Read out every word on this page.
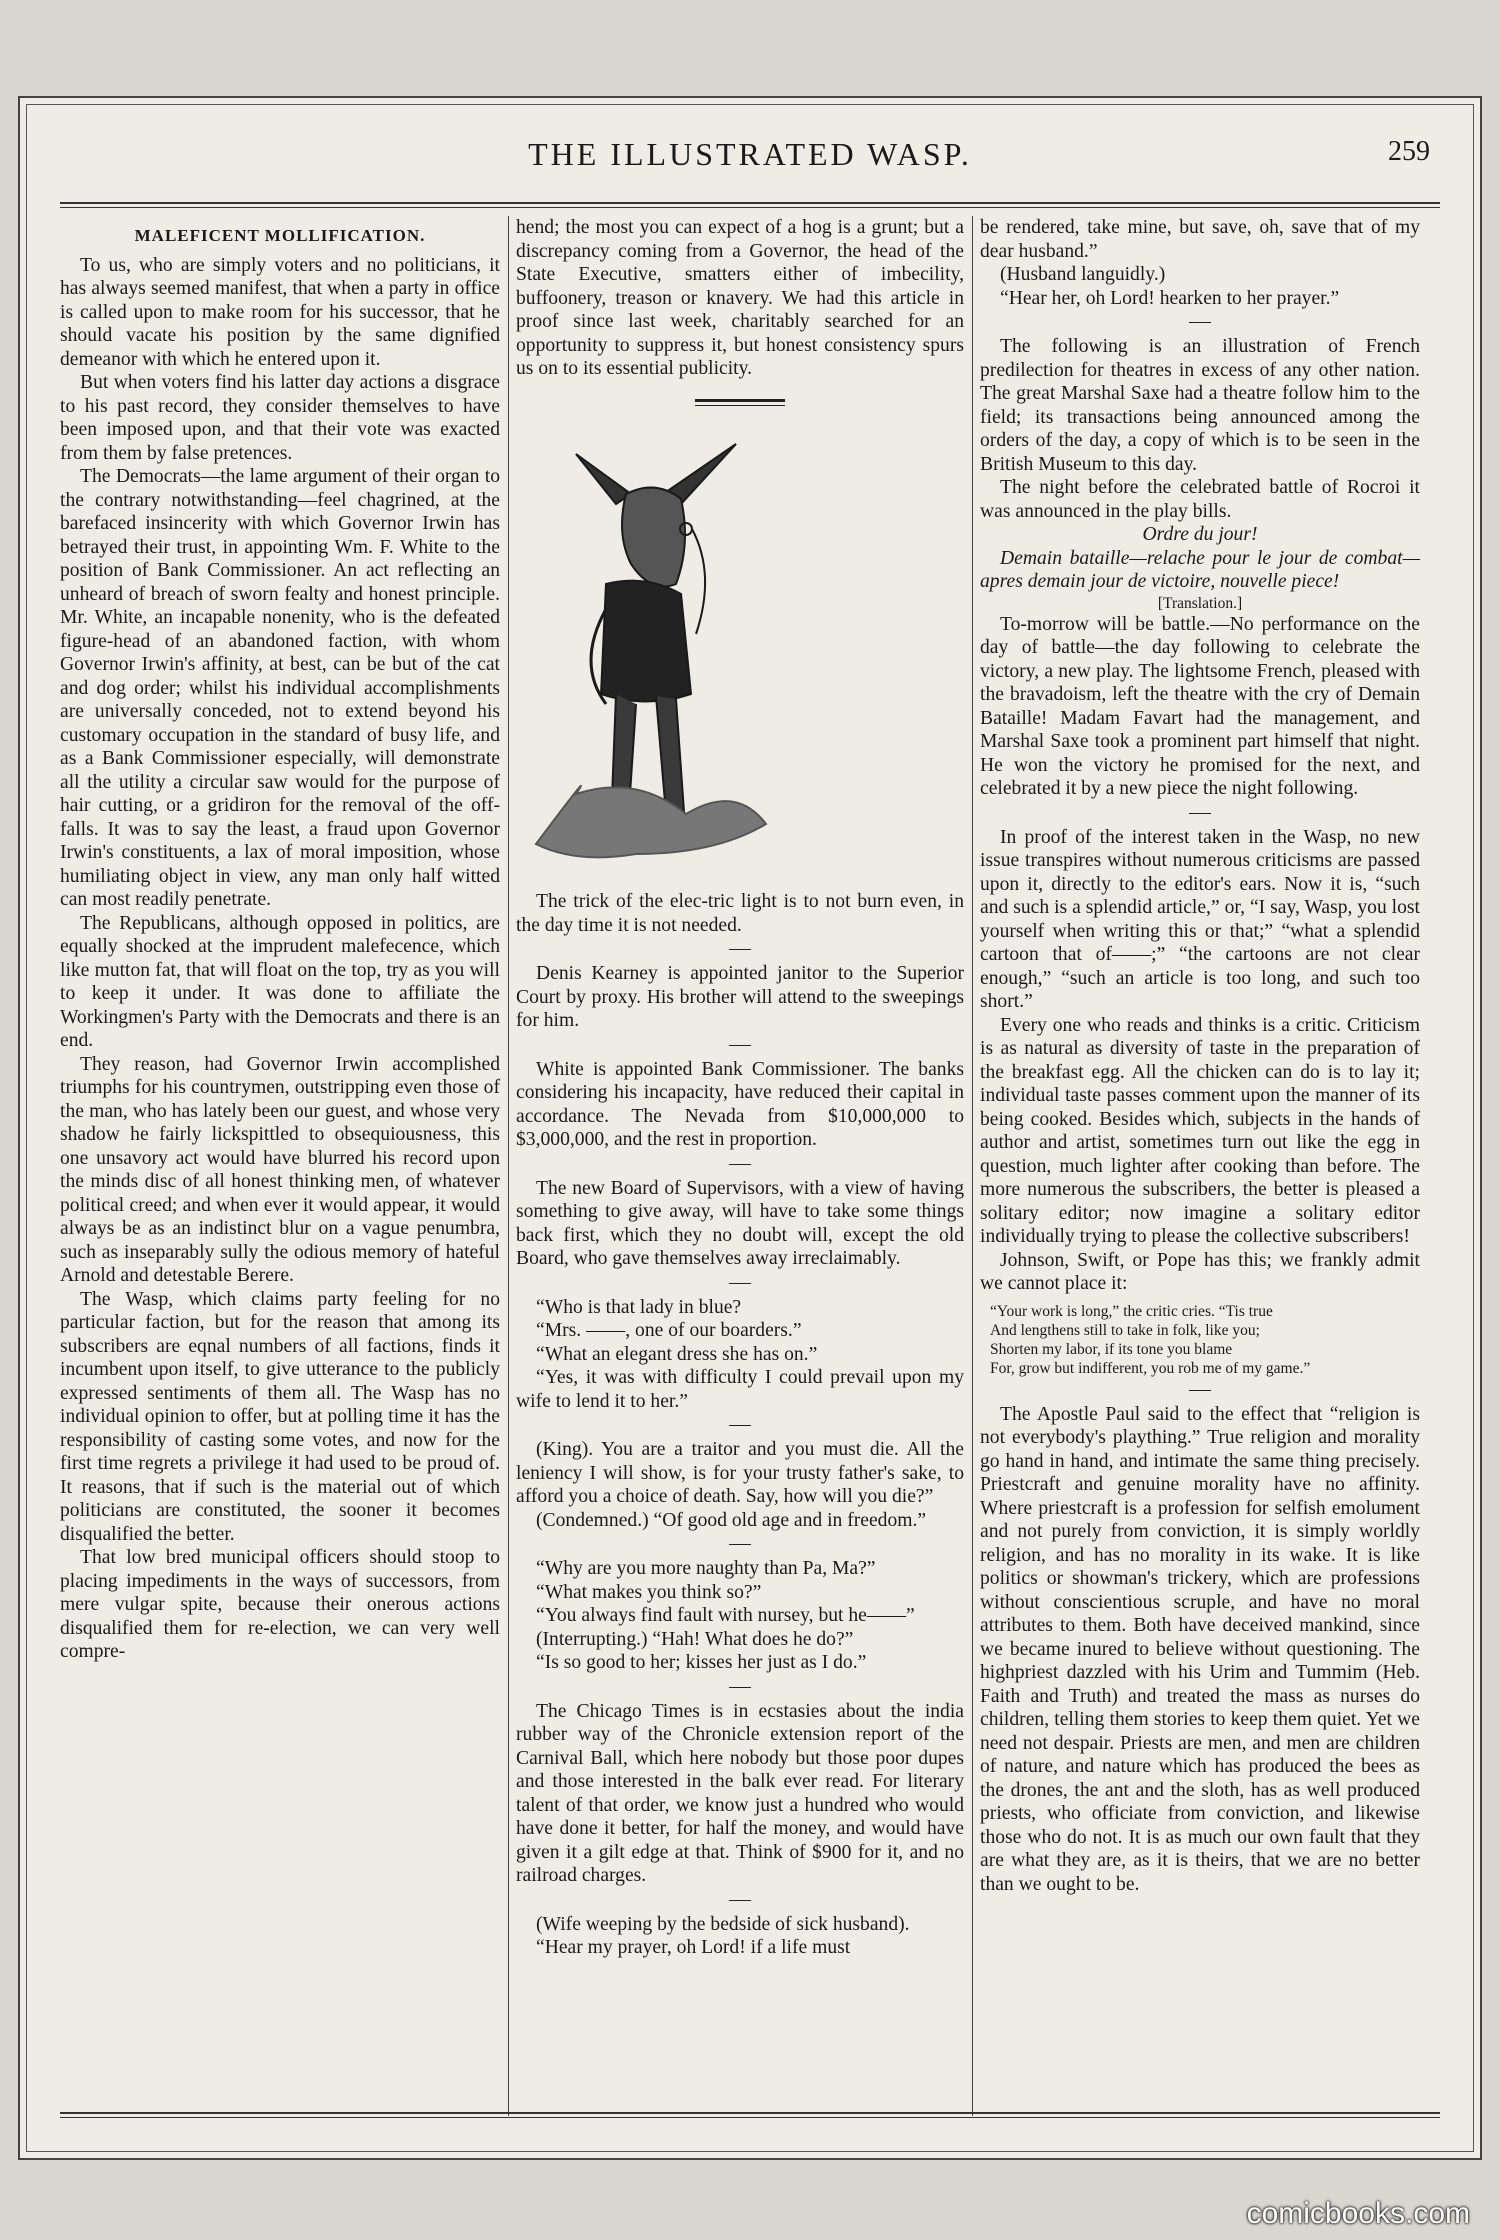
THE ILLUSTRATED WASP.	259
MALEFICENT MOLLIFICATION.

To us, who are simply voters and no politicians, it has always seemed manifest, that when a party in office is called upon to make room for his successor, that he should vacate his position by the same dignified demeanor with which he entered upon it.

But when voters find his latter day actions a disgrace to his past record, they consider themselves to have been imposed upon, and that their vote was exacted from them by false pretences.

The Democrats—the lame argument of their organ to the contrary notwithstanding—feel chagrined, at the barefaced insincerity with which Governor Irwin has betrayed their trust, in appointing Wm. F. White to the position of Bank Commissioner. An act reflecting an unheard of breach of sworn fealty and honest principle. Mr. White, an incapable nonenity, who is the defeated figure-head of an abandoned faction, with whom Governor Irwin's affinity, at best, can be but of the cat and dog order; whilst his individual accomplishments are universally conceded, not to extend beyond his customary occupation in the standard of busy life, and as a Bank Commissioner especially, will demonstrate all the utility a circular saw would for the purpose of hair cutting, or a gridiron for the removal of the off-falls. It was to say the least, a fraud upon Governor Irwin's constituents, a lax of moral imposition, whose humiliating object in view, any man only half witted can most readily penetrate.

The Republicans, although opposed in politics, are equally shocked at the imprudent malefecence, which like mutton fat, that will float on the top, try as you will to keep it under. It was done to affiliate the Workingmen's Party with the Democrats and there is an end.

They reason, had Governor Irwin accomplished triumphs for his countrymen, outstripping even those of the man, who has lately been our guest, and whose very shadow he fairly lickspittled to obsequiousness, this one unsavory act would have blurred his record upon the minds disc of all honest thinking men, of whatever political creed; and when ever it would appear, it would always be as an indistinct blur on a vague penumbra, such as inseparably sully the odious memory of hateful Arnold and detestable Berere.

The Wasp, which claims party feeling for no particular faction, but for the reason that among its subscribers are eqnal numbers of all factions, finds it incumbent upon itself, to give utterance to the publicly expressed sentiments of them all. The Wasp has no individual opinion to offer, but at polling time it has the responsibility of casting some votes, and now for the first time regrets a privilege it had used to be proud of. It reasons, that if such is the material out of which politicians are constituted, the sooner it becomes disqualified the better.

That low bred municipal officers should stoop to placing impediments in the ways of successors, from mere vulgar spite, because their onerous actions disqualified them for re-election, we can very well compre-

hend; the most you can expect of a hog is a grunt; but a discrepancy coming from a Governor, the head of the State Executive, smatters either of imbecility, buffoonery, treason or knavery. We had this article in proof since last week, charitably searched for an opportunity to suppress it, but honest consistency spurs us on to its essential publicity.

The trick of the elec-tric light is to not burn even, in the day time it is not needed.

Denis Kearney is appointed janitor to the Superior Court by proxy. His brother will attend to the sweepings for him.

White is appointed Bank Commissioner. The banks considering his incapacity, have reduced their capital in accordance. The Nevada from $10,000,000 to $3,000,000, and the rest in proportion.

The new Board of Supervisors, with a view of having something to give away, will have to take some things back first, which they no doubt will, except the old Board, who gave themselves away irreclaimably.

“Who is that lady in blue?

“Mrs. ——, one of our boarders.”

“What an elegant dress she has on.”

“Yes, it was with difficulty I could prevail upon my wife to lend it to her.”

(King). You are a traitor and you must die. All the leniency I will show, is for your trusty father's sake, to afford you a choice of death. Say, how will you die?”

(Condemned.) “Of good old age and in freedom.”

“Why are you more naughty than Pa, Ma?”

“What makes you think so?”

“You always find fault with nursey, but he——”

(Interrupting.) “Hah! What does he do?”

“Is so good to her; kisses her just as I do.”

The Chicago Times is in ecstasies about the india rubber way of the Chronicle extension report of the Carnival Ball, which here nobody but those poor dupes and those interested in the balk ever read. For literary talent of that order, we know just a hundred who would have done it better, for half the money, and would have given it a gilt edge at that. Think of $900 for it, and no railroad charges.

(Wife weeping by the bedside of sick husband).

“Hear my prayer, oh Lord! if a life must

be rendered, take mine, but save, oh, save that of my dear husband.”

(Husband languidly.)

“Hear her, oh Lord! hearken to her prayer.”

The following is an illustration of French predilection for theatres in excess of any other nation. The great Marshal Saxe had a theatre follow him to the field; its transactions being announced among the orders of the day, a copy of which is to be seen in the British Museum to this day.

The night before the celebrated battle of Rocroi it was announced in the play bills.

Ordre du jour!

Demain bataille—relache pour le jour de combat—apres demain jour de victoire, nouvelle piece!

[Translation.]

To-morrow will be battle.—No performance on the day of battle—the day following to celebrate the victory, a new play. The lightsome French, pleased with the bravadoism, left the theatre with the cry of Demain Bataille! Madam Favart had the management, and Marshal Saxe took a prominent part himself that night. He won the victory he promised for the next, and celebrated it by a new piece the night following.

In proof of the interest taken in the Wasp, no new issue transpires without numerous criticisms are passed upon it, directly to the editor's ears. Now it is, “such and such is a splendid article,” or, “I say, Wasp, you lost yourself when writing this or that;” “what a splendid cartoon that of——;” “the cartoons are not clear enough,” “such an article is too long, and such too short.”

Every one who reads and thinks is a critic. Criticism is as natural as diversity of taste in the preparation of the breakfast egg. All the chicken can do is to lay it; individual taste passes comment upon the manner of its being cooked. Besides which, subjects in the hands of author and artist, sometimes turn out like the egg in question, much lighter after cooking than before. The more numerous the subscribers, the better is pleased a solitary editor; now imagine a solitary editor individually trying to please the collective subscribers!

Johnson, Swift, or Pope has this; we frankly admit we cannot place it:

“Your work is long,” the critic cries. “Tis true
And lengthens still to take in folk, like you;
Shorten my labor, if its tone you blame
For, grow but indifferent, you rob me of my game.”

The Apostle Paul said to the effect that “religion is not everybody's plaything.” True religion and morality go hand in hand, and intimate the same thing precisely. Priestcraft and genuine morality have no affinity. Where priestcraft is a profession for selfish emolument and not purely from conviction, it is simply worldly religion, and has no morality in its wake. It is like politics or showman's trickery, which are professions without conscientious scruple, and have no moral attributes to them. Both have deceived mankind, since we became inured to believe without questioning. The highpriest dazzled with his Urim and Tummim (Heb. Faith and Truth) and treated the mass as nurses do children, telling them stories to keep them quiet. Yet we need not despair. Priests are men, and men are children of nature, and nature which has produced the bees as the drones, the ant and the sloth, has as well produced priests, who officiate from conviction, and likewise those who do not. It is as much our own fault that they are what they are, as it is theirs, that we are no better than we ought to be.

comicbooks.com
